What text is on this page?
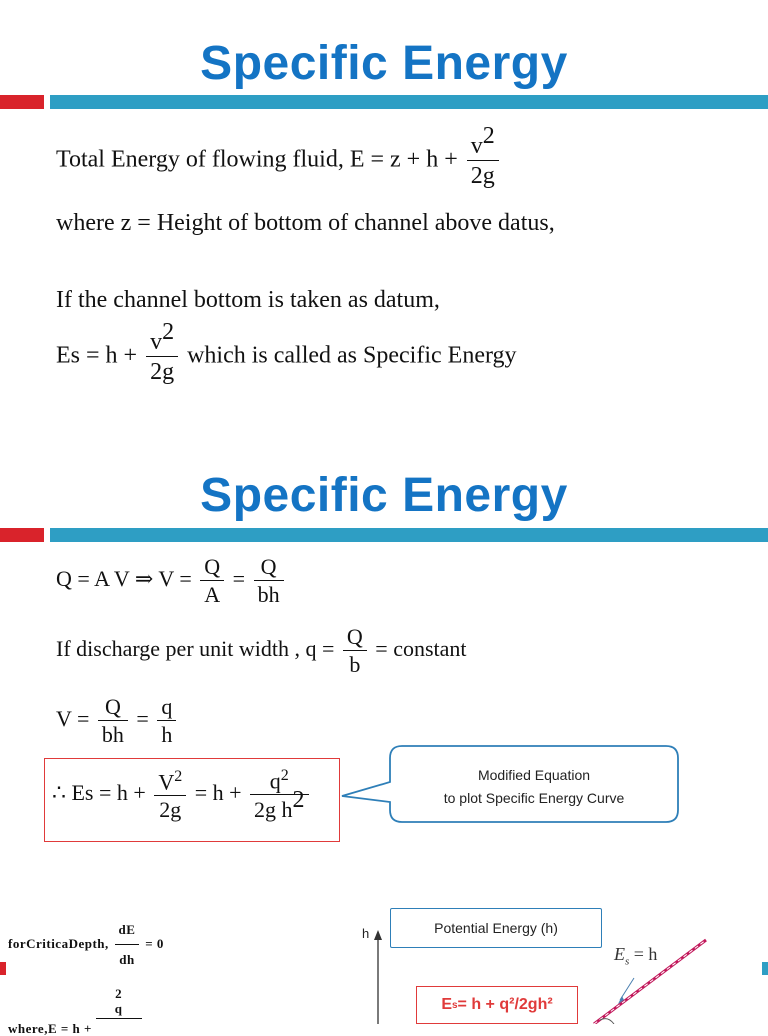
Specific Energy
Total Energy of flowing fluid, $E = z + h + \frac{v2}{2g}$
where z = Height of bottom of channel above datus,
If the channel bottom is taken as datum,
$Es = h + \frac{v2}{2g}$ which is called as Specific Energy
Specific Energy
Q = A V ⇒ $V = \frac{Q}{A} = \frac{Q}{bh}$
If discharge per unit width , $q = \frac{Q}{b}$ = constant
$V = \frac{Q}{bh} = \frac{q}{h}$
∴ $Es = h + \frac{V^2}{2g} = h + \frac{q^2}{\text{2g h2}}$	Modified Equation
to plot Specific Energy Curve
forCriticaDepth, $\frac{dE}{dh} = 0$
where,E = h +
2
q
h	Potential Energy (h)
$E_s = h$
E s = h + q²/2gh²
